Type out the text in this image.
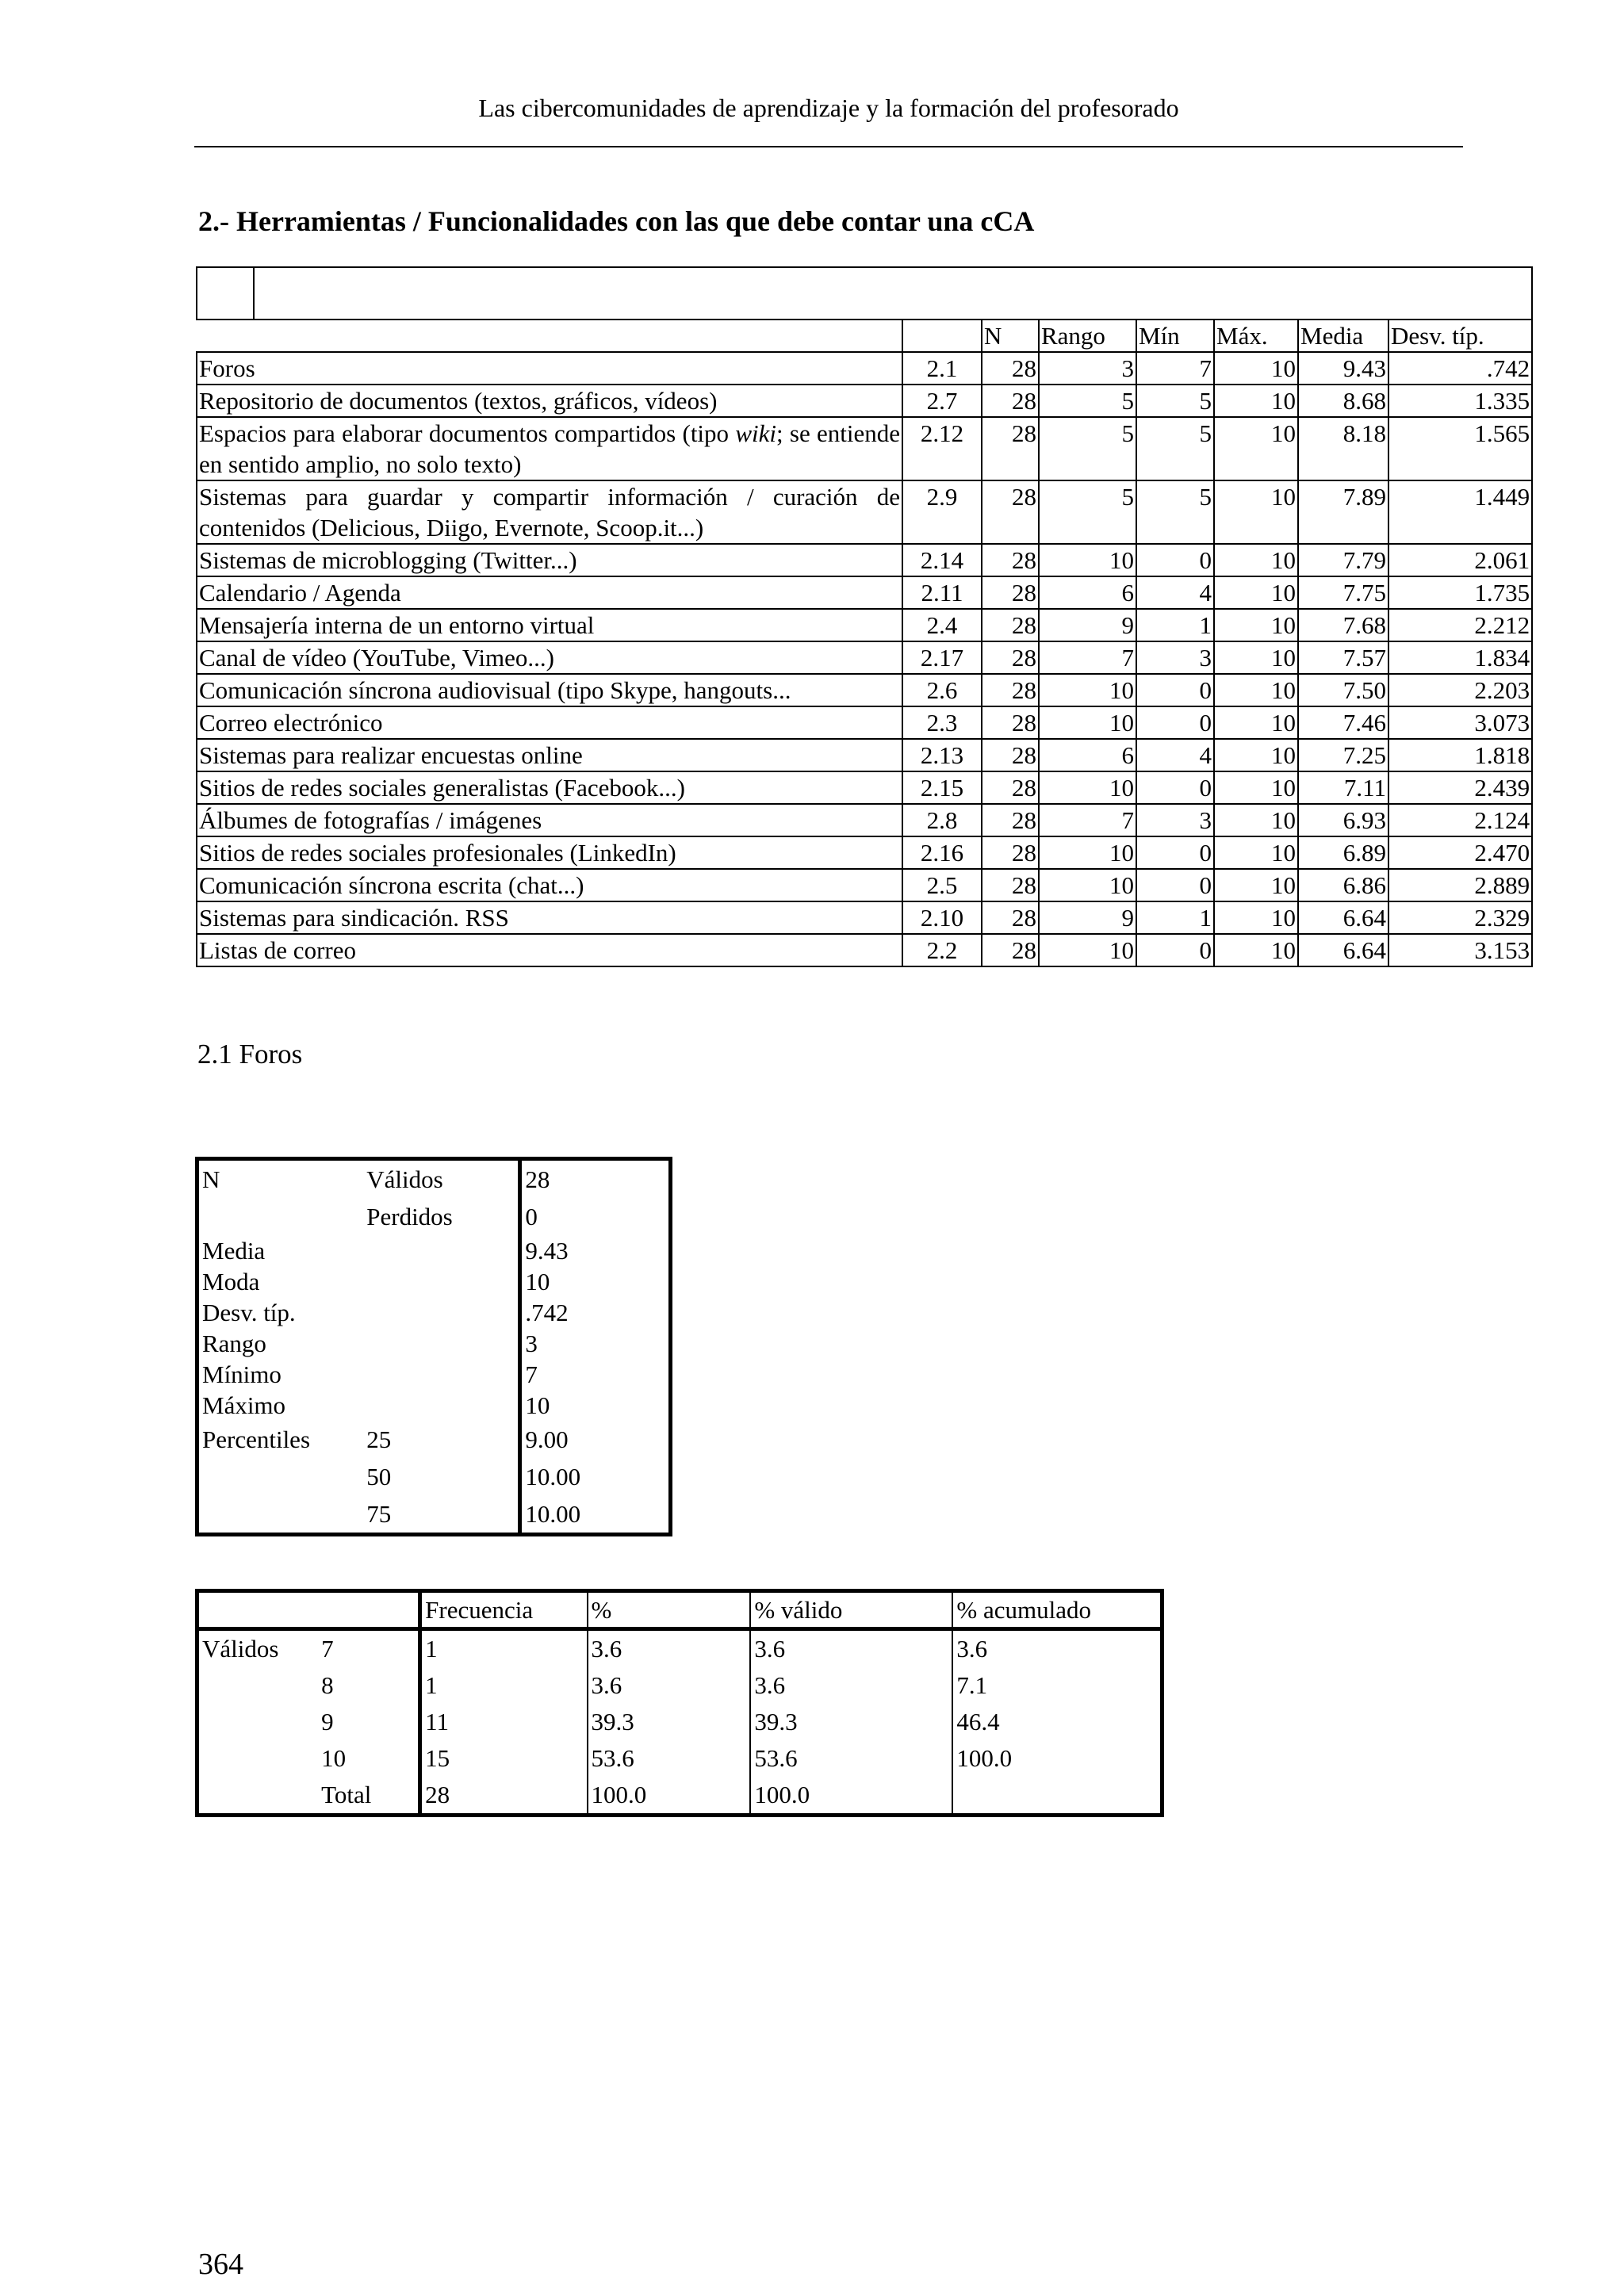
Las cibercomunidades de aprendizaje y la formación del profesorado
2.- Herramientas / Funcionalidades con las que debe contar una cCA

		N	Rango	Mín	Máx.	Media	Desv. típ.
Foros	2.1	28	3	7	10	9.43	.742
Repositorio de documentos (textos, gráficos, vídeos)	2.7	28	5	5	10	8.68	1.335
Espacios para elaborar documentos compartidos (tipo wiki; se entiende en sentido amplio, no solo texto)	2.12	28	5	5	10	8.18	1.565
Sistemas para guardar y compartir información / curación de contenidos (Delicious, Diigo, Evernote, Scoop.it...)	2.9	28	5	5	10	7.89	1.449
Sistemas de microblogging (Twitter...)	2.14	28	10	0	10	7.79	2.061
Calendario / Agenda	2.11	28	6	4	10	7.75	1.735
Mensajería interna de un entorno virtual	2.4	28	9	1	10	7.68	2.212
Canal de vídeo (YouTube, Vimeo...)	2.17	28	7	3	10	7.57	1.834
Comunicación síncrona audiovisual (tipo Skype, hangouts...	2.6	28	10	0	10	7.50	2.203
Correo electrónico	2.3	28	10	0	10	7.46	3.073
Sistemas para realizar encuestas online	2.13	28	6	4	10	7.25	1.818
Sitios de redes sociales generalistas (Facebook...)	2.15	28	10	0	10	7.11	2.439
Álbumes de fotografías / imágenes	2.8	28	7	3	10	6.93	2.124
Sitios de redes sociales profesionales (LinkedIn)	2.16	28	10	0	10	6.89	2.470
Comunicación síncrona escrita (chat...)	2.5	28	10	0	10	6.86	2.889
Sistemas para sindicación. RSS	2.10	28	9	1	10	6.64	2.329
Listas de correo	2.2	28	10	0	10	6.64	3.153
2.1 Foros
N	Válidos	28
	Perdidos	0
Media		9.43
Moda		10
Desv. típ.		.742
Rango		3
Mínimo		7
Máximo		10
Percentiles	25	9.00
	50	10.00
	75	10.00
		Frecuencia	%	% válido	% acumulado
Válidos	7	1	3.6	3.6	3.6
	8	1	3.6	3.6	7.1
	9	11	39.3	39.3	46.4
	10	15	53.6	53.6	100.0
	Total	28	100.0	100.0	
364
